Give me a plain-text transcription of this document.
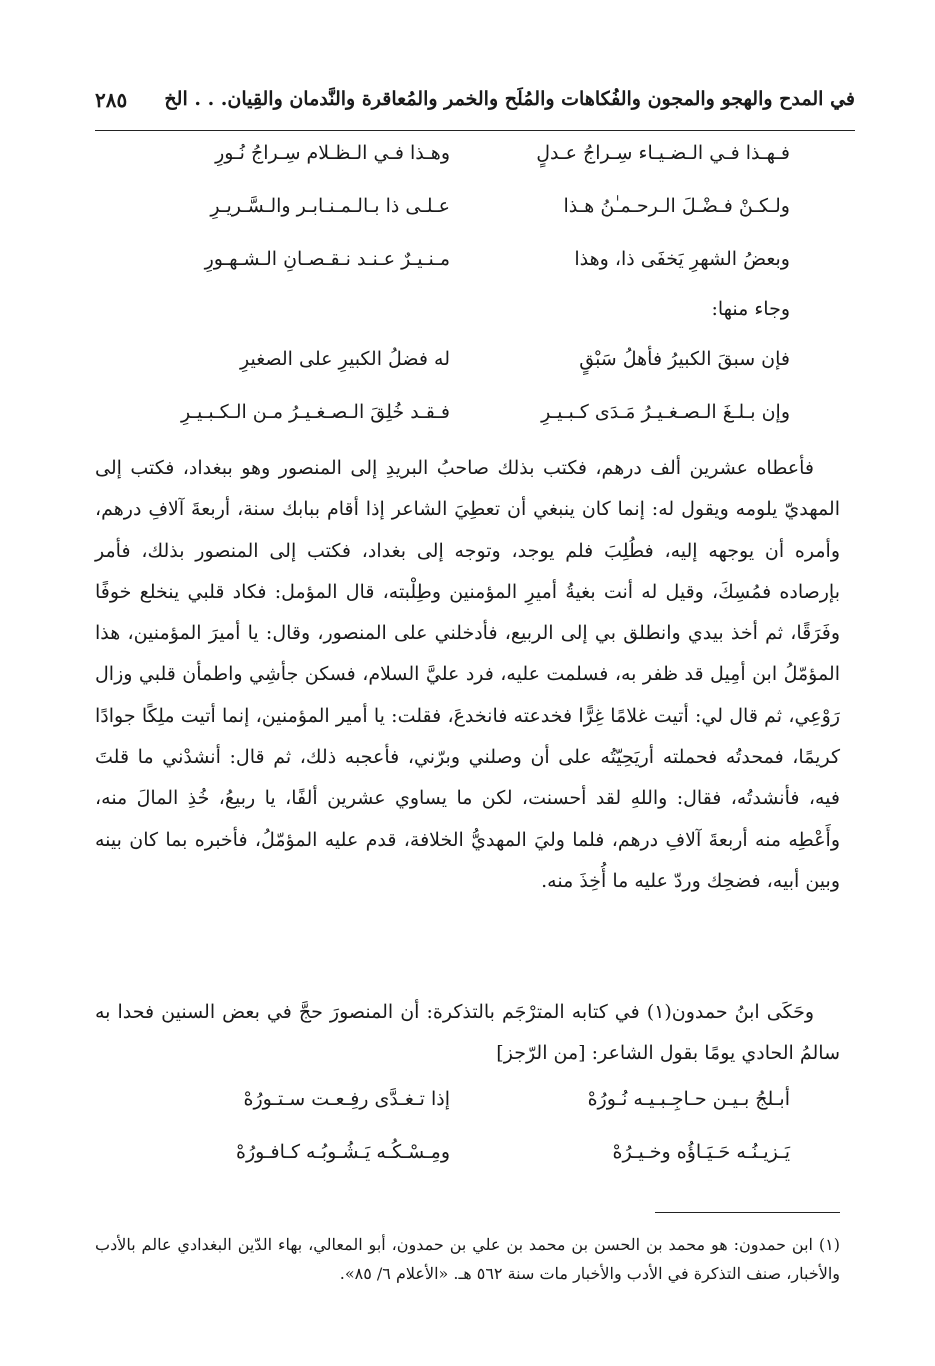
في المدح والهجو والمجون والفُكاهات والمُلَح والخمر والمُعاقرة والنَّدمان والقِيان. . . الخ
٢٨٥
فـهـذا فـي الـضـيـاء سِـراجُ عـدلٍ
وهـذا فـي الـظـلام سِـراجُ نُـورِ
ولـكـنْ فـضْـلَ الـرحـمـٰنُ هـذا
عـلـى ذا بـالـمـنـابـر والـسَّـريـرِ
وبعضُ الشهرِ يَخفَى ذا، وهذا
مـنـيـرٌ عـنـد نـقـصـانِ الـشـهـورِ
وجاء منها:
فإن سبقَ الكبيرُ فأهلُ سَبْقٍ
له فضلُ الكبيرِ على الصغيرِ
وإن بـلـغَ الـصـغـيـرُ مَـدَى كـبـيـرِ
فـقـد خُلِقَ الـصـغـيـرُ مـن الـكـبـيـرِ

فأعطاه عشرين ألف درهم، فكتب بذلك صاحبُ البريدِ إلى المنصور وهو ببغداد، فكتب إلى المهديّ يلومه ويقول له: إنما كان ينبغي أن تعطِيَ الشاعر إذا أقام ببابك سنة، أربعةَ آلافِ درهم، وأمره أن يوجهه إليه، فطُلِبَ فلم يوجد، وتوجه إلى بغداد، فكتب إلى المنصور بذلك، فأمر بإرصاده فمُسِكَ، وقيل له أنت بغيةُ أميرِ المؤمنين وطِلْبته، قال المؤمل: فكاد قلبي ينخلع خوفًا وفَرَقًا، ثم أخذ بيدي وانطلق بي إلى الربيع، فأدخلني على المنصور، وقال: يا أميرَ المؤمنين، هذا المؤمّلُ ابن أمِيل قد ظفر به، فسلمت عليه، فرد عليَّ السلام، فسكن جأشِي واطمأن قلبي وزال رَوْعِي، ثم قال لي: أتيت غلامًا غِرًّا فخدعته فانخدعَ، فقلت: يا أمير المؤمنين، إنما أتيت ملِكًا جوادًا كريمًا، فمحدتُه فحملته أريَحِيّتُه على أن وصلني وبرّني، فأعجبه ذلك، ثم قال: أنشدْني ما قلتَ فيه، فأنشدتُه، فقال: واللهِ لقد أحسنت، لكن ما يساوي عشرين ألفًا، يا ربيعُ، خُذِ المالَ منه، وأَعْطِه منه أربعةَ آلافِ درهم، فلما وليَ المهديُّ الخلافة، قدم عليه المؤمّلُ، فأخبره بما كان بينه وبين أبيه، فضحِك وردّ عليه ما أُخِذَ منه.

وحَكَى ابنُ حمدون(١) في كتابه المترْجَم بالتذكرة: أن المنصورَ حجَّ في بعض السنين فحدا به سالمُ الحادي يومًا بقول الشاعر: [من الرّجز]

أبـلجُ بـيـن حـاجِـبـيـه نُـورُهْ
إذا تـغـدَّى رفِـعـت سـتـورُهْ
يَـزيـنُـه حَـيَـاؤُه وخـيـرُهْ
ومِـسْـكُـه يَـشُـوبُـه كـافـورُهْ

(١) ابن حمدون: هو محمد بن الحسن بن محمد بن علي بن حمدون، أبو المعالي، بهاء الدّين البغدادي عالم بالأدب والأخبار، صنف التذكرة في الأدب والأخبار مات سنة ٥٦٢ هـ. «الأعلام ٦/ ٨٥».
